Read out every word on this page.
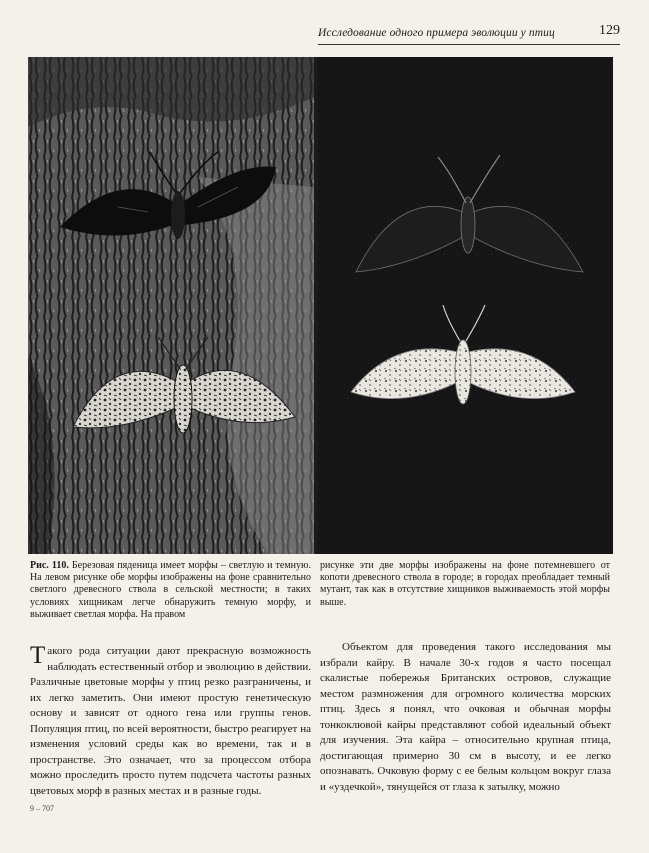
Исследование одного примера эволюции у птиц	129
Рис. 110. Березовая пяденица имеет морфы – светлую и темную. На левом рисунке обе морфы изображены на фоне сравнительно светлого древесного ствола в сельской местности; в таких условиях хищникам легче обнаружить темную морфу, и выживает светлая морфа. На правом
рисунке эти две морфы изображены на фоне потемневшего от копоти древесного ствола в городе; в городах преобладает темный мутант, так как в отсутствие хищников выживаемость этой морфы выше.
Т акого рода ситуации дают прекрасную возможность наблюдать естественный отбор и эволюцию в действии. Различные цветовые морфы у птиц резко разграничены, и их легко заметить. Они имеют простую генетическую основу и зависят от одного гена или группы генов. Популяция птиц, по всей вероятности, быстро реагирует на изменения условий среды как во времени, так и в пространстве. Это означает, что за процессом отбора можно проследить просто путем подсчета частоты разных цветовых морф в разных местах и в разные годы.
Объектом для проведения такого исследования мы избрали кайру. В начале 30-х годов я часто посещал скалистые побережья Британских островов, служащие местом размножения для огромного количества морских птиц. Здесь я понял, что очковая и обычная морфы тонкоклювой кайры представляют собой идеальный объект для изучения. Эта кайра – относительно крупная птица, достигающая примерно 30 см в высоту, и ее легко опознавать. Очковую форму с ее белым кольцом вокруг глаза и «уздечкой», тянущейся от глаза к затылку, можно
9 – 707
